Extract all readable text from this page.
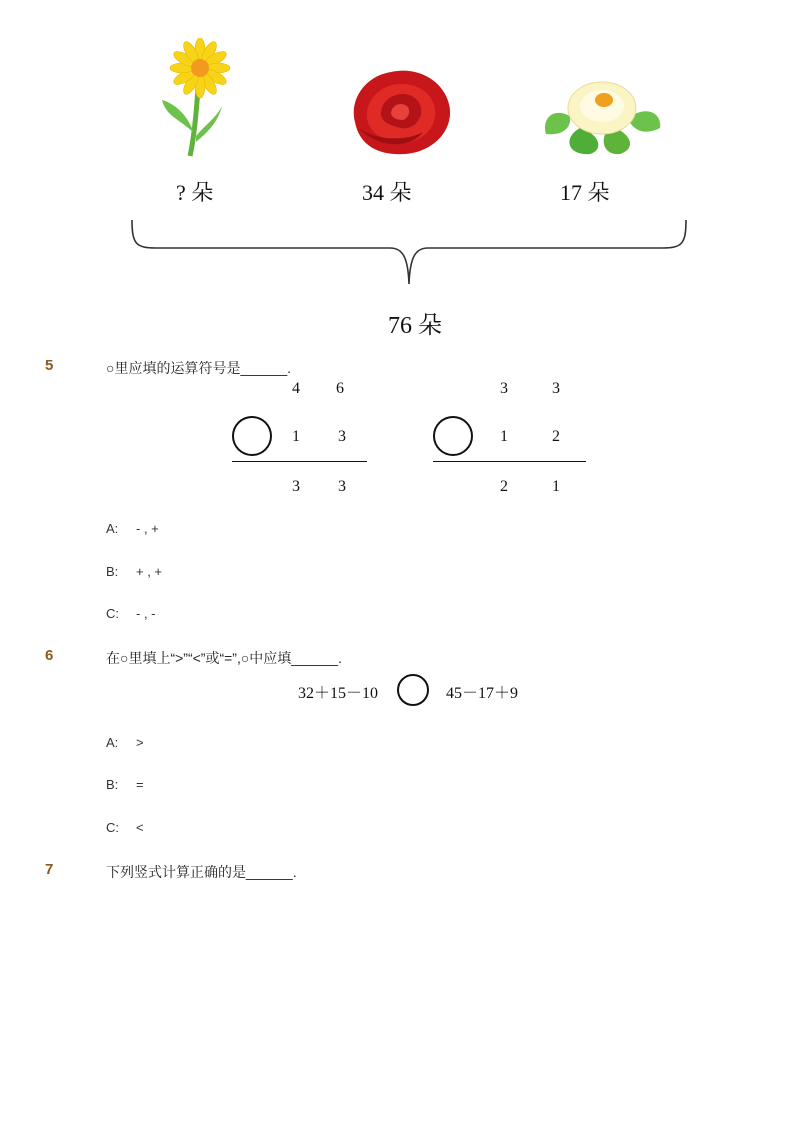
? 朵	34 朵	17 朵
76 朵
5	○里应填的运算符号是______.
4	6
1	3
3	3
3	3
1	2
2	1
A: - , +
B: + , +
C: - , -
6	在○里填上“>”“<”或“=”,○中应填______.
32＋15－10	45－17＋9
A: >
B: =
C: <
7	下列竖式计算正确的是______.
